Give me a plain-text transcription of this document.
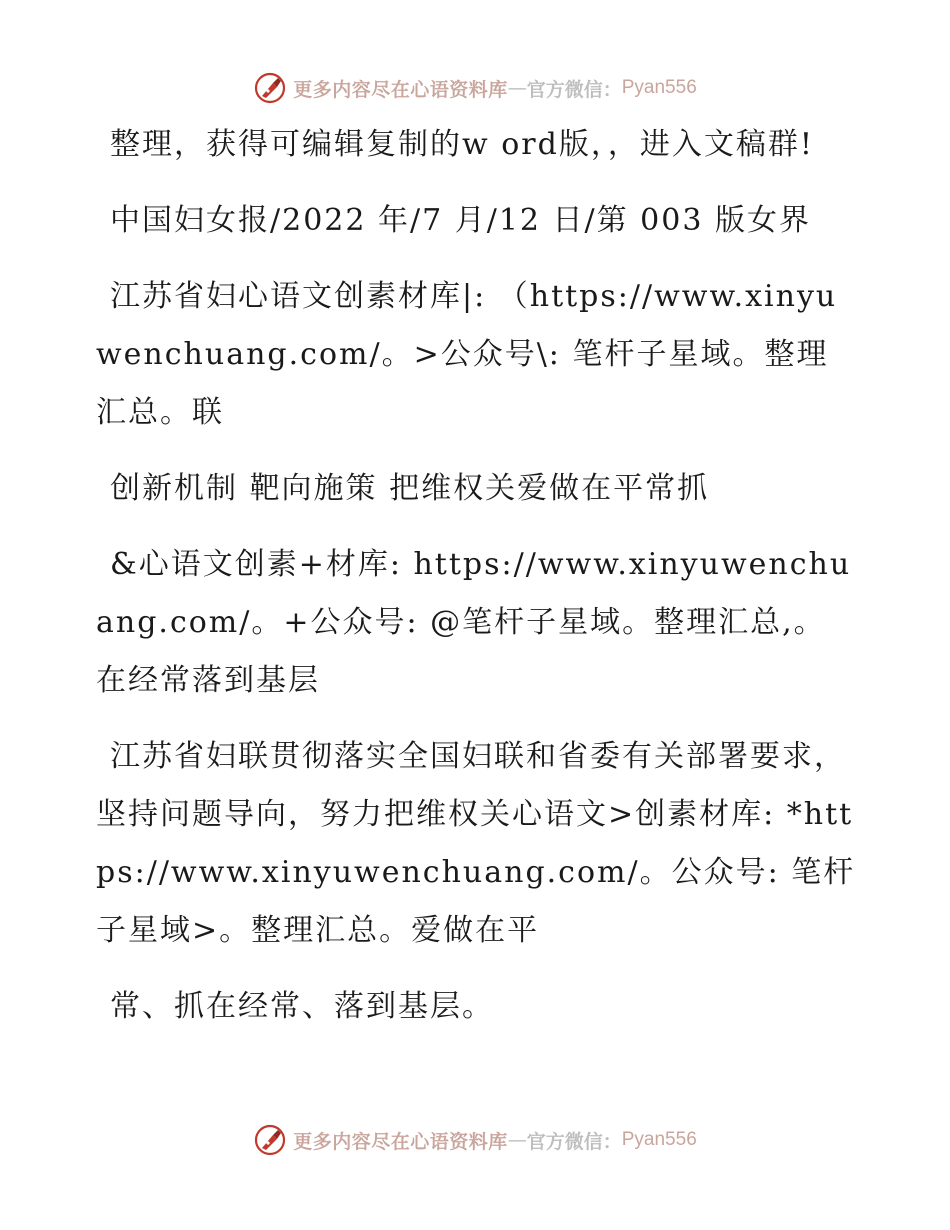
更多内容尽在心语资料库 — 官方微信： Pyan556

整理，获得可编辑复制的w ord版，，进入文稿群!

中国妇女报/2022 年/7 月/12 日/第 003 版女界

江苏省妇心语文创素材库|: （https://www.xinyuwenchuang.com/。>公众号\: 笔杆子星域。整理汇总。联

创新机制 靶向施策 把维权关爱做在平常抓

&心语文创素+材库: https://www.xinyuwenchuang.com/。+公众号: @笔杆子星域。整理汇总,。在经常落到基层

江苏省妇联贯彻落实全国妇联和省委有关部署要求，坚持问题导向，努力把维权关心语文>创素材库: *https://www.xinyuwenchuang.com/。公众号: 笔杆子星域>。整理汇总。爱做在平

常、抓在经常、落到基层。

更多内容尽在心语资料库 — 官方微信： Pyan556
